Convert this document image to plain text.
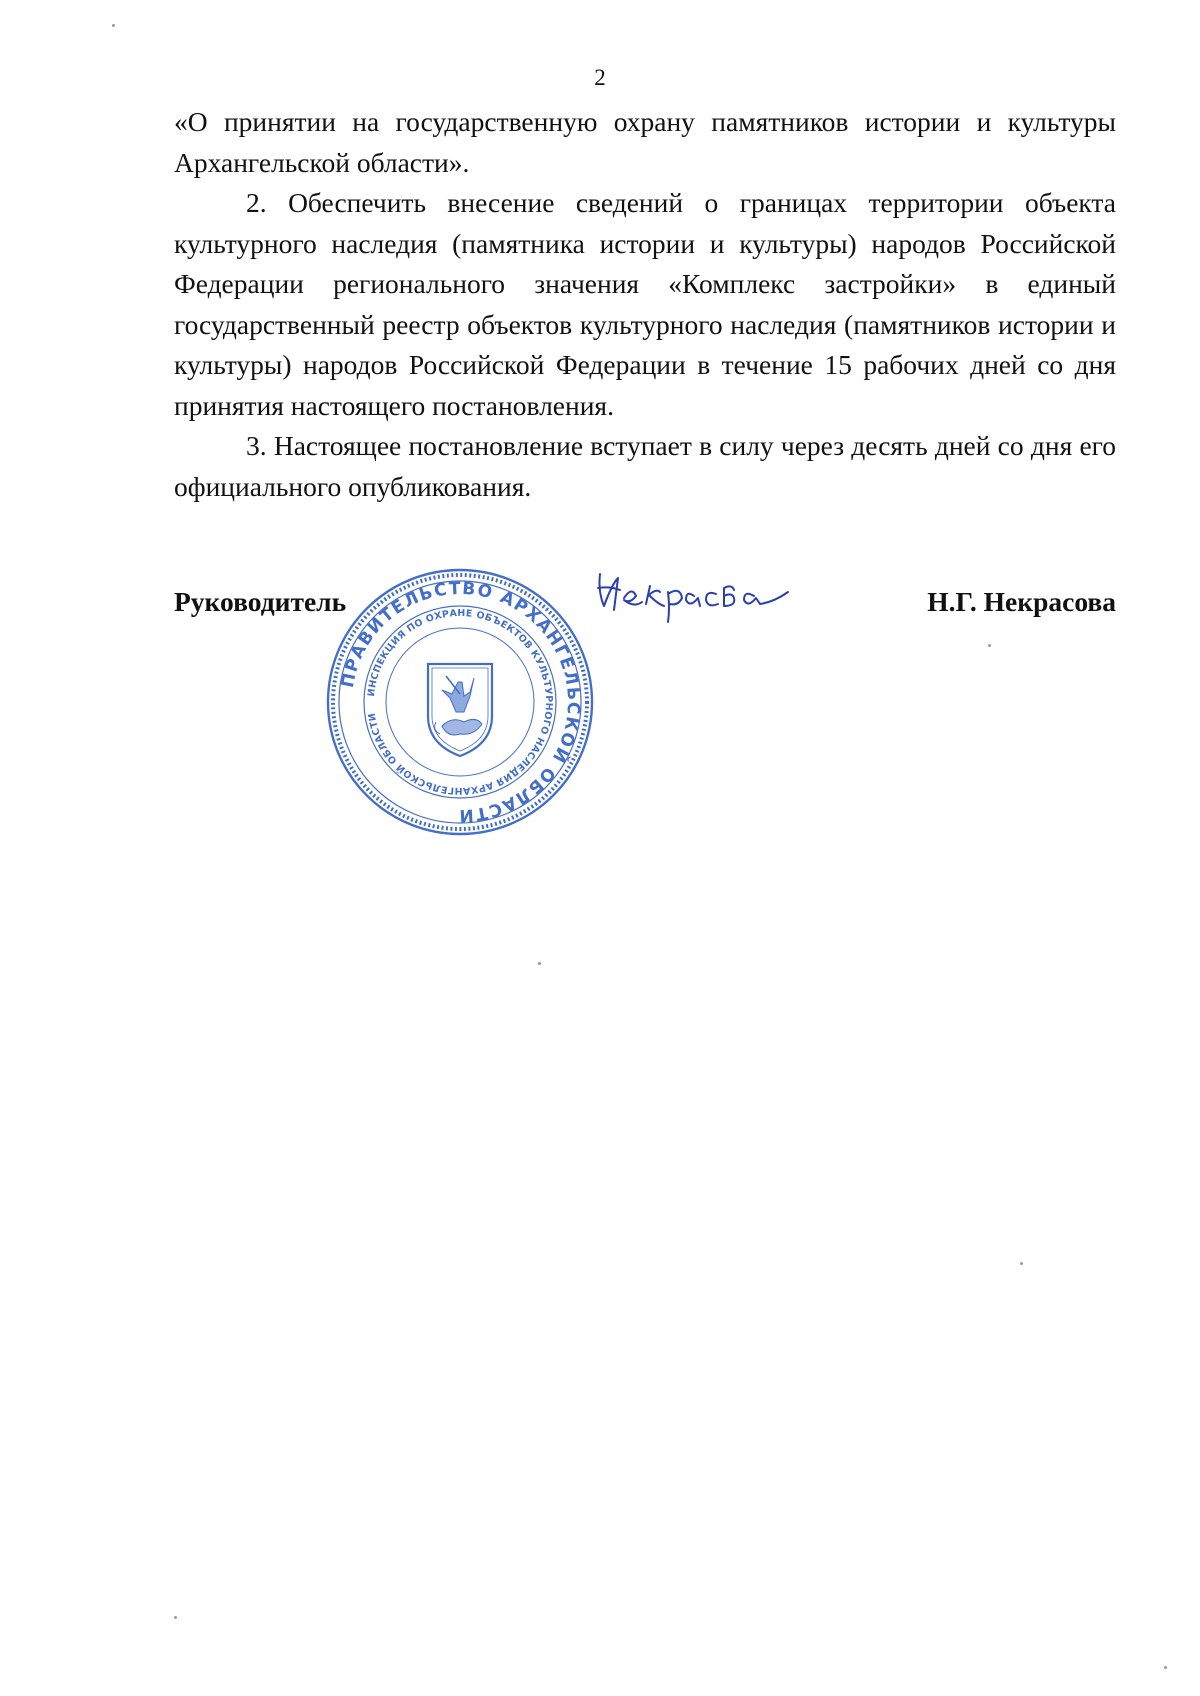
2

«О принятии на государственную охрану памятников истории и культуры Архангельской области».

2. Обеспечить внесение сведений о границах территории объекта культурного наследия (памятника истории и культуры) народов Российской Федерации регионального значения «Комплекс застройки» в единый государственный реестр объектов культурного наследия (памятников истории и культуры) народов Российской Федерации в течение 15 рабочих дней со дня принятия настоящего постановления.

3. Настоящее постановление вступает в силу через десять дней со дня его официального опубликования.

Руководитель
ПРАВИТЕЛЬСТВО АРХАНГЕЛЬСКОЙ ОБЛАСТИ
ИНСПЕКЦИЯ ПО ОХРАНЕ ОБЪЕКТОВ КУЛЬТУРНОГО НАСЛЕДИЯ АРХАНГЕЛЬСКОЙ ОБЛАСТИ
Н.Г. Некрасова
